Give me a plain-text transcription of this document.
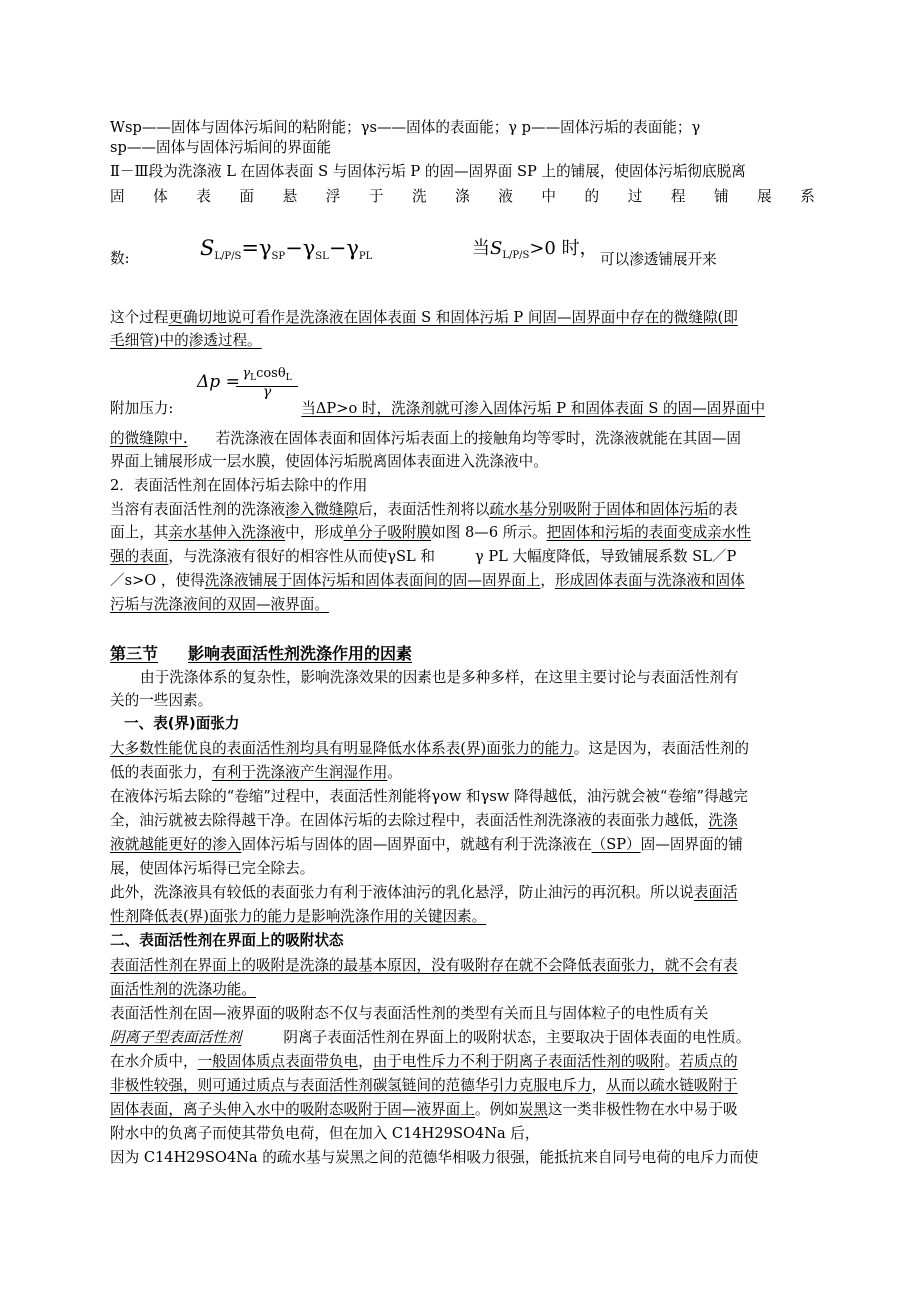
Wsp——固体与固体污垢间的粘附能；γs——固体的表面能；γ p——固体污垢的表面能；γ
sp——固体与固体污垢间的界面能
Ⅱ－Ⅲ段为洗涤液 L 在固体表面 S 与固体污垢 P 的固—固界面 SP 上的铺展，使固体污垢彻底脱离
固 体 表 面 悬 浮 于 洗 涤 液 中 的 过 程 铺 展 系
数:	$S_{L/P/S}=\gamma_{SP}-\gamma_{SL}-\gamma_{PL}$	当$S_{L/P/S}>0$ 时，
可以渗透铺展开来
这个过程更确切地说可看作是洗涤液在固体表面 S 和固体污垢 P 间固—固界面中存在的微缝隙(即
毛细管)中的渗透过程。
$\Delta p = \gamma_L\cos\theta_L$
γ
附加压力:	当ΔP>o 时，洗涤剂就可渗入固体污垢 P 和固体表面 S 的固—固界面中
的微缝隙中. 若洗涤液在固体表面和固体污垢表面上的接触角均等零时，洗涤液就能在其固—固
界面上铺展形成一层水膜，使固体污垢脱离固体表面进入洗涤液中。
2．表面活性剂在固体污垢去除中的作用
当溶有表面活性剂的洗涤液渗入微缝隙后，表面活性剂将以疏水基分别吸附于固体和固体污垢的表
面上，其亲水基伸入洗涤液中，形成单分子吸附膜如图 8—6 所示。把固体和污垢的表面变成亲水性
强的表面，与洗涤液有很好的相容性从而使γSL 和	γ PL 大幅度降低，导致铺展系数 SL／P
／s>O ，使得洗涤液铺展于固体污垢和固体表面间的固—固界面上，形成固体表面与洗涤液和固体
污垢与洗涤液间的双固—液界面。
第三节 影响表面活性剂洗涤作用的因素
由于洗涤体系的复杂性，影响洗涤效果的因素也是多种多样，在这里主要讨论与表面活性剂有
关的一些因素。
一、表(界)面张力
大多数性能优良的表面活性剂均具有明显降低水体系表(界)面张力的能力。这是因为，表面活性剂的
低的表面张力，有利于洗涤液产生润湿作用。
在液体污垢去除的“卷缩”过程中，表面活性剂能将γow 和γsw 降得越低，油污就会被“卷缩”得越完
全，油污就被去除得越干净。在固体污垢的去除过程中，表面活性剂洗涤液的表面张力越低，洗涤
液就越能更好的渗入固体污垢与固体的固—固界面中，就越有利于洗涤液在（SP）固—固界面的铺
展，使固体污垢得已完全除去。
此外，洗涤液具有较低的表面张力有利于液体油污的乳化悬浮，防止油污的再沉积。所以说表面活
性剂降低表(界)面张力的能力是影响洗涤作用的关键因素。
二、表面活性剂在界面上的吸附状态
表面活性剂在界面上的吸附是洗涤的最基本原因，没有吸附存在就不会降低表面张力，就不会有表
面活性剂的洗涤功能。
表面活性剂在固—液界面的吸附态不仅与表面活性剂的类型有关而且与固体粒子的电性质有关
阴离子型表面活性剂	阴离子表面活性剂在界面上的吸附状态，主要取决于固体表面的电性质。
在水介质中，一般固体质点表面带负电，由于电性斥力不利于阴离子表面活性剂的吸附。若质点的
非极性较强，则可通过质点与表面活性剂碳氢链间的范德华引力克服电斥力，从而以疏水链吸附于
固体表面，离子头伸入水中的吸附态吸附于固—液界面上。例如炭黑这一类非极性物在水中易于吸
附水中的负离子而使其带负电荷，但在加入 C14H29SO4Na 后，
因为 C14H29SO4Na 的疏水基与炭黑之间的范德华相吸力很强，能抵抗来自同号电荷的电斥力而使
